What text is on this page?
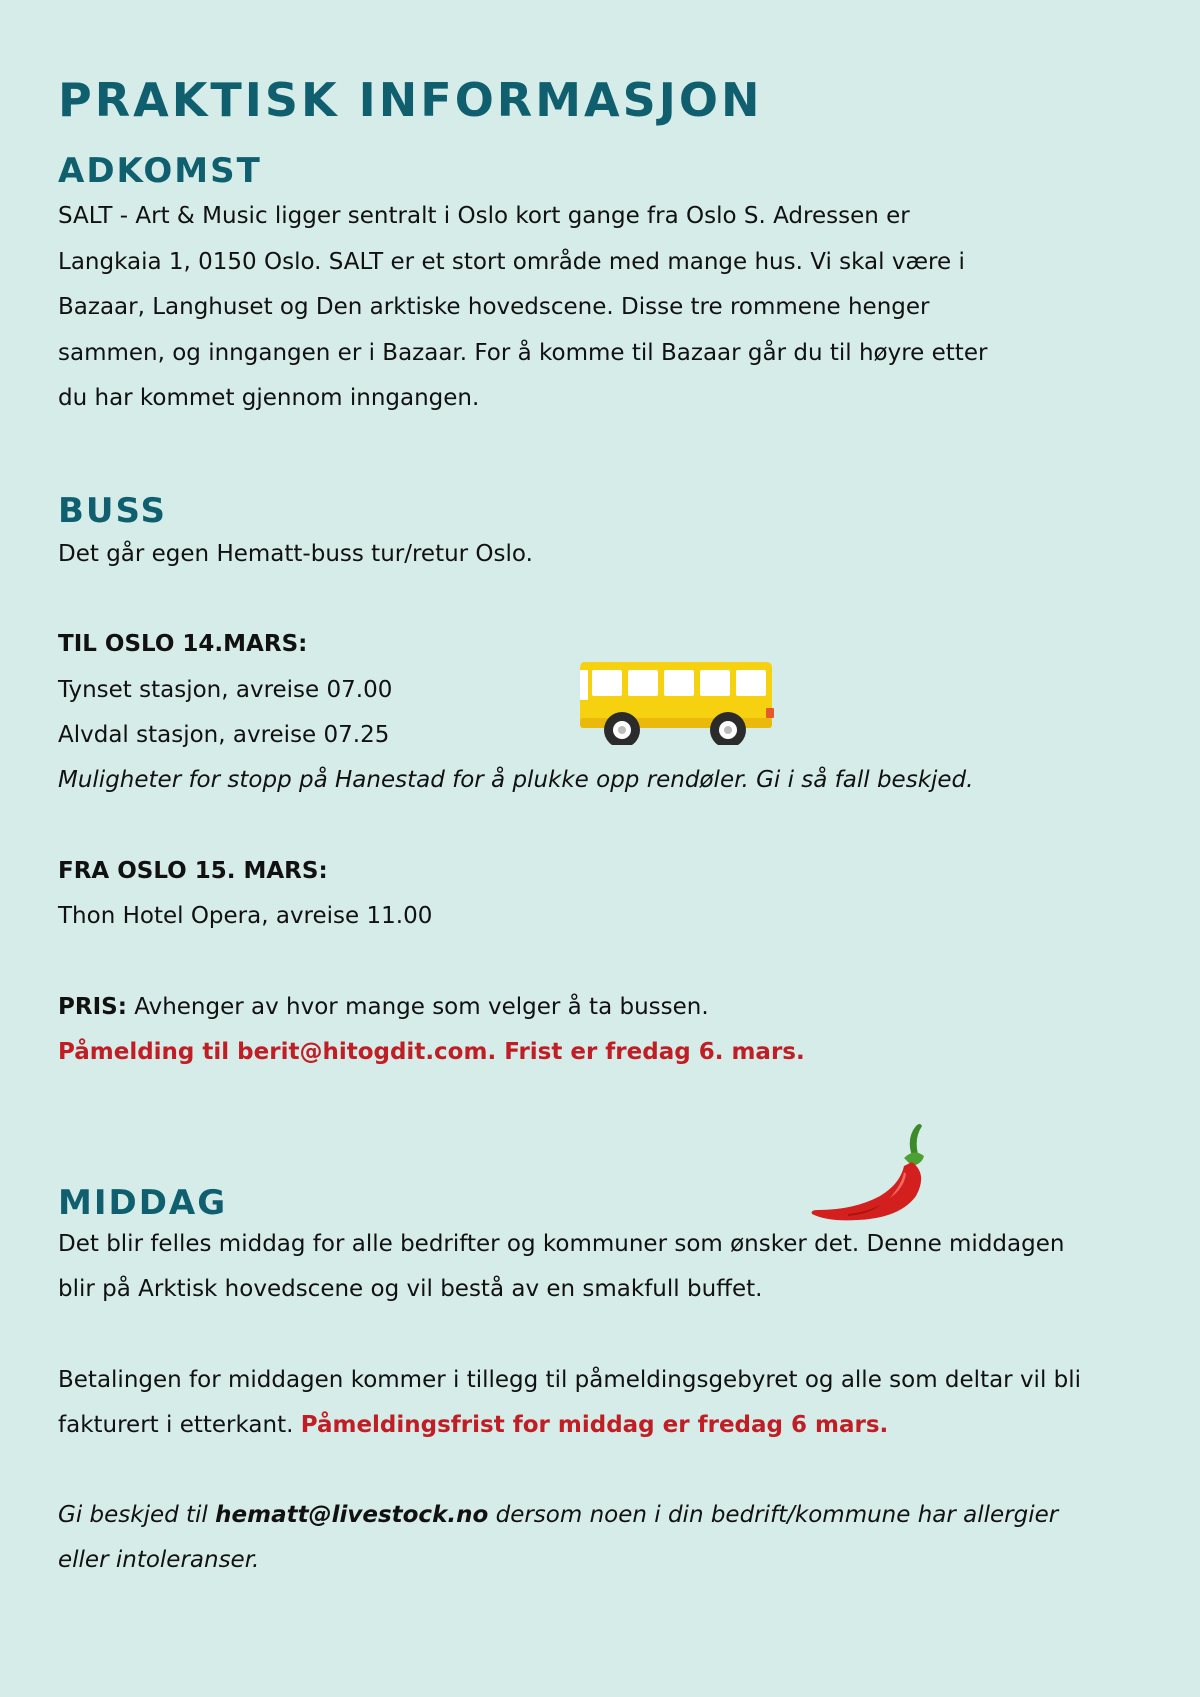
PRAKTISK INFORMASJON
ADKOMST

SALT - Art & Music ligger sentralt i Oslo kort gange fra Oslo S. Adressen er

Langkaia 1, 0150 Oslo. SALT er et stort område med mange hus. Vi skal være i

Bazaar, Langhuset og Den arktiske hovedscene. Disse tre rommene henger

sammen, og inngangen er i Bazaar. For å komme til Bazaar går du til høyre etter

du har kommet gjennom inngangen.

BUSS

Det går egen Hematt-buss tur/retur Oslo.

TIL OSLO 14.MARS:

Tynset stasjon, avreise 07.00

Alvdal stasjon, avreise 07.25

Muligheter for stopp på Hanestad for å plukke opp rendøler. Gi i så fall beskjed.

FRA OSLO 15. MARS:

Thon Hotel Opera, avreise 11.00

PRIS: Avhenger av hvor mange som velger å ta bussen.

Påmelding til berit@hitogdit.com. Frist er fredag 6. mars.

MIDDAG

Det blir felles middag for alle bedrifter og kommuner som ønsker det. Denne middagen

blir på Arktisk hovedscene og vil bestå av en smakfull buffet.

Betalingen for middagen kommer i tillegg til påmeldingsgebyret og alle som deltar vil bli

fakturert i etterkant. Påmeldingsfrist for middag er fredag 6 mars.

Gi beskjed til hematt@livestock.no dersom noen i din bedrift/kommune har allergier

eller intoleranser.
